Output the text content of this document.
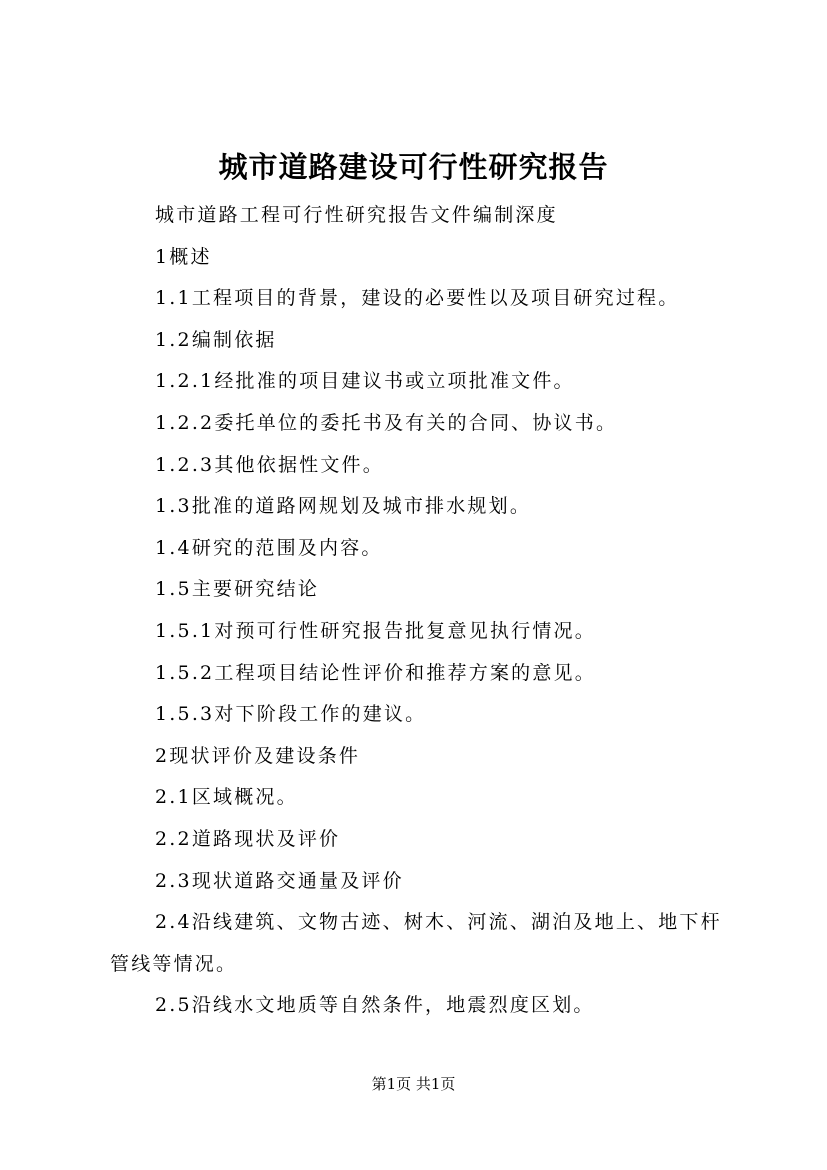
城市道路建设可行性研究报告

城市道路工程可行性研究报告文件编制深度

1概述

1.1工程项目的背景，建设的必要性以及项目研究过程。

1.2编制依据

1.2.1经批准的项目建议书或立项批准文件。

1.2.2委托单位的委托书及有关的合同、协议书。

1.2.3其他依据性文件。

1.3批准的道路网规划及城市排水规划。

1.4研究的范围及内容。

1.5主要研究结论

1.5.1对预可行性研究报告批复意见执行情况。

1.5.2工程项目结论性评价和推荐方案的意见。

1.5.3对下阶段工作的建议。

2现状评价及建设条件

2.1区域概况。

2.2道路现状及评价

2.3现状道路交通量及评价

2.4沿线建筑、文物古迹、树木、河流、湖泊及地上、地下杆管线等情况。

2.5沿线水文地质等自然条件，地震烈度区划。

第1页 共1页
